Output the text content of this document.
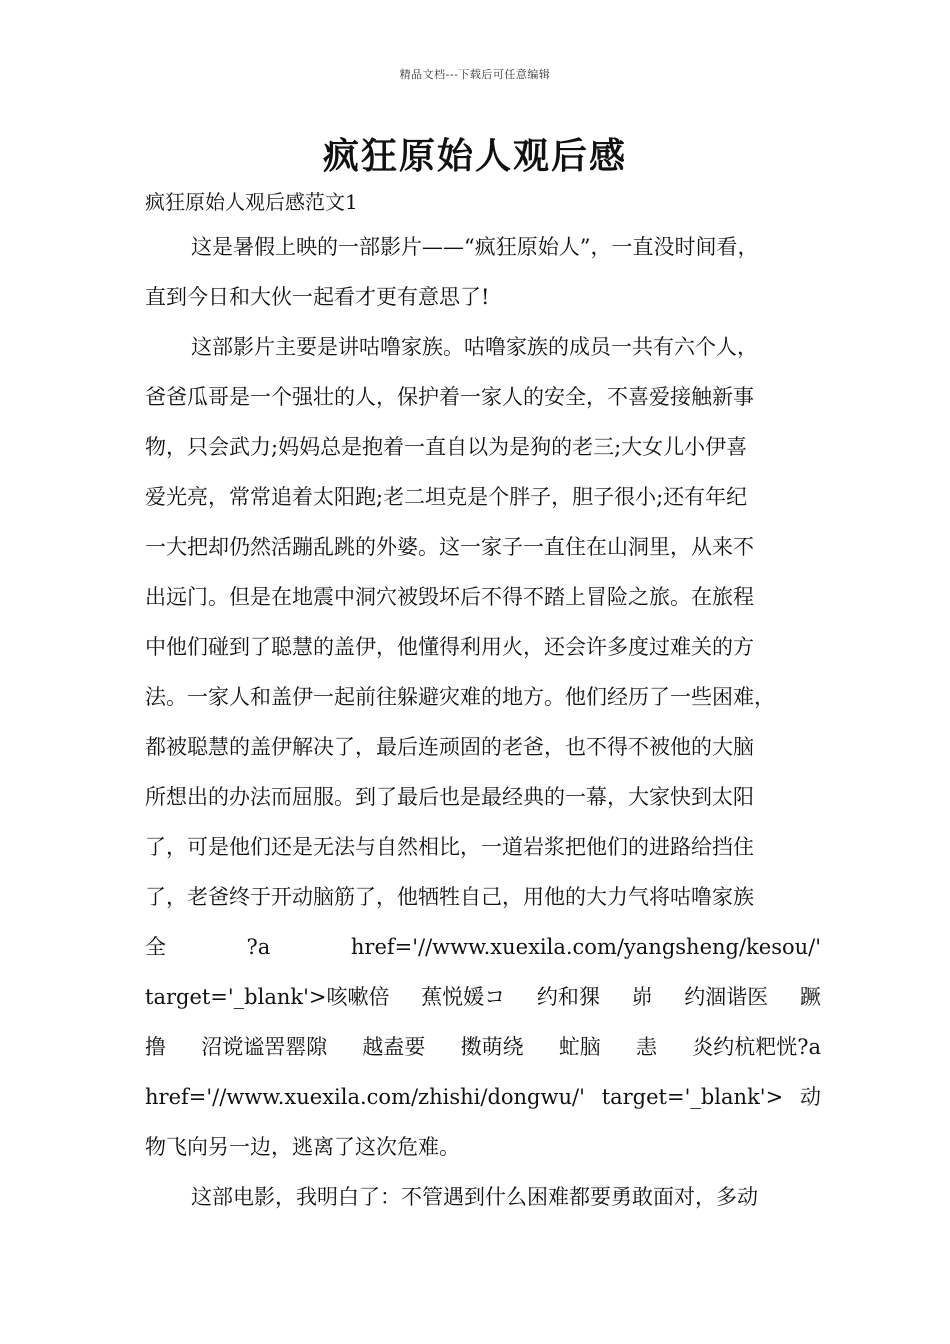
精品文档---下载后可任意编辑
疯狂原始人观后感
疯狂原始人观后感范文1
这是暑假上映的一部影片——“疯狂原始人”，一直没时间看，
直到今日和大伙一起看才更有意思了!
这部影片主要是讲咕噜家族。咕噜家族的成员一共有六个人，
爸爸瓜哥是一个强壮的人，保护着一家人的安全，不喜爱接触新事
物，只会武力;妈妈总是抱着一直自以为是狗的老三;大女儿小伊喜
爱光亮，常常追着太阳跑;老二坦克是个胖子，胆子很小;还有年纪
一大把却仍然活蹦乱跳的外婆。这一家子一直住在山洞里，从来不
出远门。但是在地震中洞穴被毁坏后不得不踏上冒险之旅。在旅程
中他们碰到了聪慧的盖伊，他懂得利用火，还会许多度过难关的方
法。一家人和盖伊一起前往躲避灾难的地方。他们经历了一些困难，
都被聪慧的盖伊解决了，最后连顽固的老爸，也不得不被他的大脑
所想出的办法而屈服。到了最后也是最经典的一幕，大家快到太阳
了，可是他们还是无法与自然相比，一道岩浆把他们的进路给挡住
了，老爸终于开动脑筋了，他牺牲自己，用他的大力气将咕噜家族
全	?a	href='//www.xuexila.com/yangsheng/kesou/'
target='_blank'>咳嗽倍 蕉悦媛コ 约和猓 峁 约涸谐医 蹶
撸 沼谠谧罟罂隙 越盍要 擞萌绕 虻脑 恚 炎约杭粑恍?a
href='//www.xuexila.com/zhishi/dongwu/' target='_blank'> 动
物飞向另一边，逃离了这次危难。
这部电影，我明白了：不管遇到什么困难都要勇敢面对，多动
